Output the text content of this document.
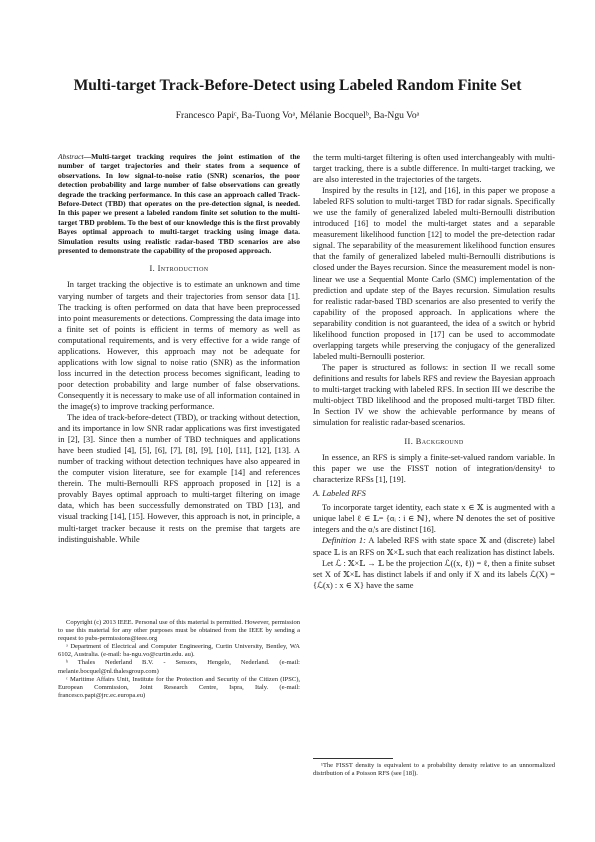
Multi-target Track-Before-Detect using Labeled Random Finite Set
Francesco Papiᶜ, Ba-Tuong Voᵃ, Mélanie Bocquelᵇ, Ba-Ngu Voᵃ
Abstract—Multi-target tracking requires the joint estimation of the number of target trajectories and their states from a sequence of observations. In low signal-to-noise ratio (SNR) scenarios, the poor detection probability and large number of false observations can greatly degrade the tracking performance. In this case an approach called Track-Before-Detect (TBD) that operates on the pre-detection signal, is needed. In this paper we present a labeled random finite set solution to the multi-target TBD problem. To the best of our knowledge this is the first provably Bayes optimal approach to multi-target tracking using image data. Simulation results using realistic radar-based TBD scenarios are also presented to demonstrate the capability of the proposed approach.
I. Introduction

In target tracking the objective is to estimate an unknown and time varying number of targets and their trajectories from sensor data [1]. The tracking is often performed on data that have been preprocessed into point measurements or detections. Compressing the data image into a finite set of points is efficient in terms of memory as well as computational requirements, and is very effective for a wide range of applications. However, this approach may not be adequate for applications with low signal to noise ratio (SNR) as the information loss incurred in the detection process becomes significant, leading to poor detection probability and large number of false observations. Consequently it is necessary to make use of all information contained in the image(s) to improve tracking performance.

The idea of track-before-detect (TBD), or tracking without detection, and its importance in low SNR radar applications was first investigated in [2], [3]. Since then a number of TBD techniques and applications have been studied [4], [5], [6], [7], [8], [9], [10], [11], [12], [13]. A number of tracking without detection techniques have also appeared in the computer vision literature, see for example [14] and references therein. The multi-Bernoulli RFS approach proposed in [12] is a provably Bayes optimal approach to multi-target filtering on image data, which has been successfully demonstrated on TBD [13], and visual tracking [14], [15]. However, this approach is not, in principle, a multi-target tracker because it rests on the premise that targets are indistinguishable. While

Copyright (c) 2013 IEEE. Personal use of this material is permitted. However, permission to use this material for any other purposes must be obtained from the IEEE by sending a request to pubs-permissions@ieee.org

ᵃ Department of Electrical and Computer Engineering, Curtin University, Bentley, WA 6102, Australia. (e-mail: ba-ngu.vo@curtin.edu. au).

ᵇ Thales Nederland B.V. - Sensors, Hengelo, Nederland. (e-mail: melanie.bocquel@nl.thalesgroup.com)

ᶜ Maritime Affairs Unit, Institute for the Protection and Security of the Citizen (IPSC), European Commission, Joint Research Centre, Ispra, Italy. (e-mail: francesco.papi@jrc.ec.europa.eu)

the term multi-target filtering is often used interchangeably with multi-target tracking, there is a subtle difference. In multi-target tracking, we are also interested in the trajectories of the targets.

Inspired by the results in [12], and [16], in this paper we propose a labeled RFS solution to multi-target TBD for radar signals. Specifically we use the family of generalized labeled multi-Bernoulli distribution introduced [16] to model the multi-target states and a separable measurement likelihood function [12] to model the pre-detection radar signal. The separability of the measurement likelihood function ensures that the family of generalized labeled multi-Bernoulli distributions is closed under the Bayes recursion. Since the measurement model is non-linear we use a Sequential Monte Carlo (SMC) implementation of the prediction and update step of the Bayes recursion. Simulation results for realistic radar-based TBD scenarios are also presented to verify the capability of the proposed approach. In applications where the separability condition is not guaranteed, the idea of a switch or hybrid likelihood function proposed in [17] can be used to accommodate overlapping targets while preserving the conjugacy of the generalized labeled multi-Bernoulli posterior.

The paper is structured as follows: in section II we recall some definitions and results for labels RFS and review the Bayesian approach to multi-target tracking with labeled RFS. In section III we describe the multi-object TBD likelihood and the proposed multi-target TBD filter. In Section IV we show the achievable performance by means of simulation for realistic radar-based scenarios.

II. Background

In essence, an RFS is simply a finite-set-valued random variable. In this paper we use the FISST notion of integration/density¹ to characterize RFSs [1], [19].

A. Labeled RFS

To incorporate target identity, each state x ∈ 𝕏 is augmented with a unique label ℓ ∈ 𝕃= {αᵢ : i ∈ ℕ}, where ℕ denotes the set of positive integers and the αᵢ's are distinct [16].

Definition 1: A labeled RFS with state space 𝕏 and (discrete) label space 𝕃 is an RFS on 𝕏×𝕃 such that each realization has distinct labels.

Let ℒ : 𝕏×𝕃 → 𝕃 be the projection ℒ((x, ℓ)) = ℓ, then a finite subset set X of 𝕏×𝕃 has distinct labels if and only if X and its labels ℒ(X) = {ℒ(x) : x ∈ X} have the same

¹The FISST density is equivalent to a probability density relative to an unnormalized distribution of a Poisson RFS (see [18]).
